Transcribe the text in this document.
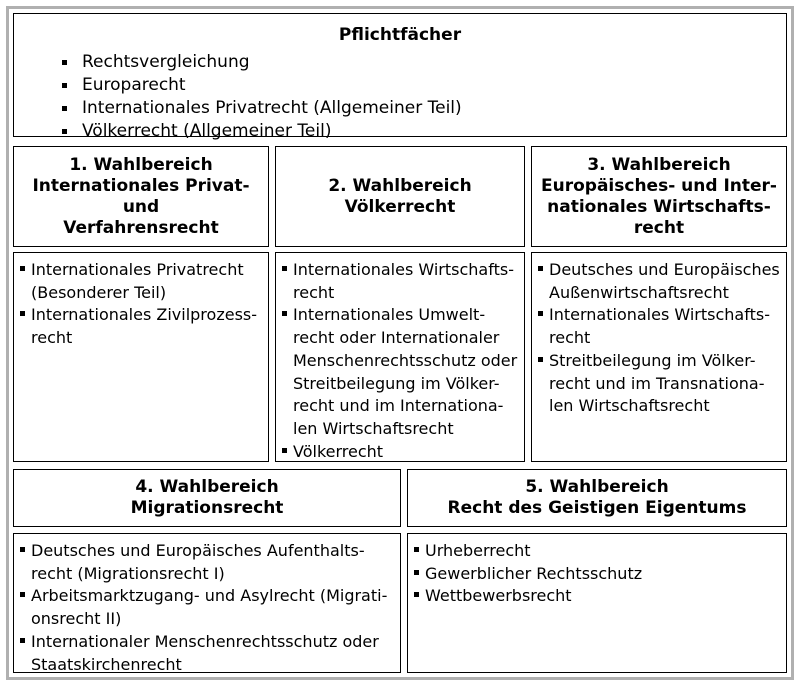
Pflichtfächer
Rechtsvergleichung
Europarecht
Internationales Privatrecht (Allgemeiner Teil)
Völkerrecht (Allgemeiner Teil)
1. Wahlbereich
Internationales Privat-
und
Verfahrensrecht
2. Wahlbereich
Völkerrecht
3. Wahlbereich
Europäisches- und Inter-
nationales Wirtschafts-
recht
Internationales Privatrecht
(Besonderer Teil)
Internationales Zivilprozess-
recht
Internationales Wirtschafts-
recht
Internationales Umwelt-
recht oder Internationaler
Menschenrechtsschutz oder
Streitbeilegung im Völker-
recht und im Internationa-
len Wirtschaftsrecht
Völkerrecht
Deutsches und Europäisches
Außenwirtschaftsrecht
Internationales Wirtschafts-
recht
Streitbeilegung im Völker-
recht und im Transnationa-
len Wirtschaftsrecht
4. Wahlbereich
Migrationsrecht
5. Wahlbereich
Recht des Geistigen Eigentums
Deutsches und Europäisches Aufenthalts-
recht (Migrationsrecht I)
Arbeitsmarktzugang- und Asylrecht (Migrati-
onsrecht II)
Internationaler Menschenrechtsschutz oder
Staatskirchenrecht
Urheberrecht
Gewerblicher Rechtsschutz
Wettbewerbsrecht
